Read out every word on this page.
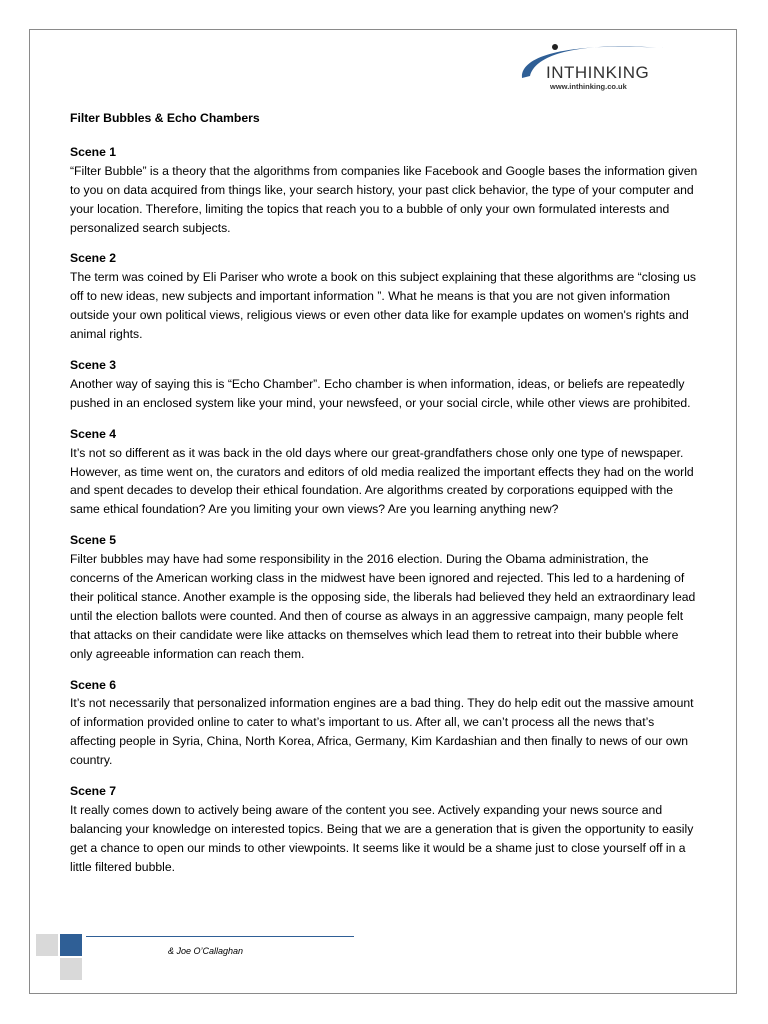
INTHINKING
www.inthinking.co.uk

Filter Bubbles & Echo Chambers

Scene 1

“Filter Bubble” is a theory that the algorithms from companies like Facebook and Google bases the information given to you on data acquired from things like, your search history, your past click behavior, the type of your computer and your location. Therefore, limiting the topics that reach you to a bubble of only your own formulated interests and personalized search subjects.

Scene 2

The term was coined by Eli Pariser who wrote a book on this subject explaining that these algorithms are “closing us off to new ideas, new subjects and important information ”. What he means is that you are not given information outside your own political views, religious views or even other data like for example updates on women's rights and animal rights.

Scene 3

Another way of saying this is “Echo Chamber”. Echo chamber is when information, ideas, or beliefs are repeatedly pushed in an enclosed system like your mind, your newsfeed, or your social circle, while other views are prohibited.

Scene 4

It’s not so different as it was back in the old days where our great-grandfathers chose only one type of newspaper. However, as time went on, the curators and editors of old media realized the important effects they had on the world and spent decades to develop their ethical foundation. Are algorithms created by corporations equipped with the same ethical foundation? Are you limiting your own views? Are you learning anything new?

Scene 5

Filter bubbles may have had some responsibility in the 2016 election. During the Obama administration, the concerns of the American working class in the midwest have been ignored and rejected. This led to a hardening of their political stance. Another example is the opposing side, the liberals had believed they held an extraordinary lead until the election ballots were counted. And then of course as always in an aggressive campaign, many people felt that attacks on their candidate were like attacks on themselves which lead them to retreat into their bubble where only agreeable information can reach them.

Scene 6

It’s not necessarily that personalized information engines are a bad thing. They do help edit out the massive amount of information provided online to cater to what’s important to us. After all, we can’t process all the news that’s affecting people in Syria, China, North Korea, Africa, Germany, Kim Kardashian and then finally to news of our own country.

Scene 7

It really comes down to actively being aware of the content you see. Actively expanding your news source and balancing your knowledge on interested topics. Being that we are a generation that is given the opportunity to easily get a chance to open our minds to other viewpoints. It seems like it would be a shame just to close yourself off in a little filtered bubble.

& Joe O’Callaghan
